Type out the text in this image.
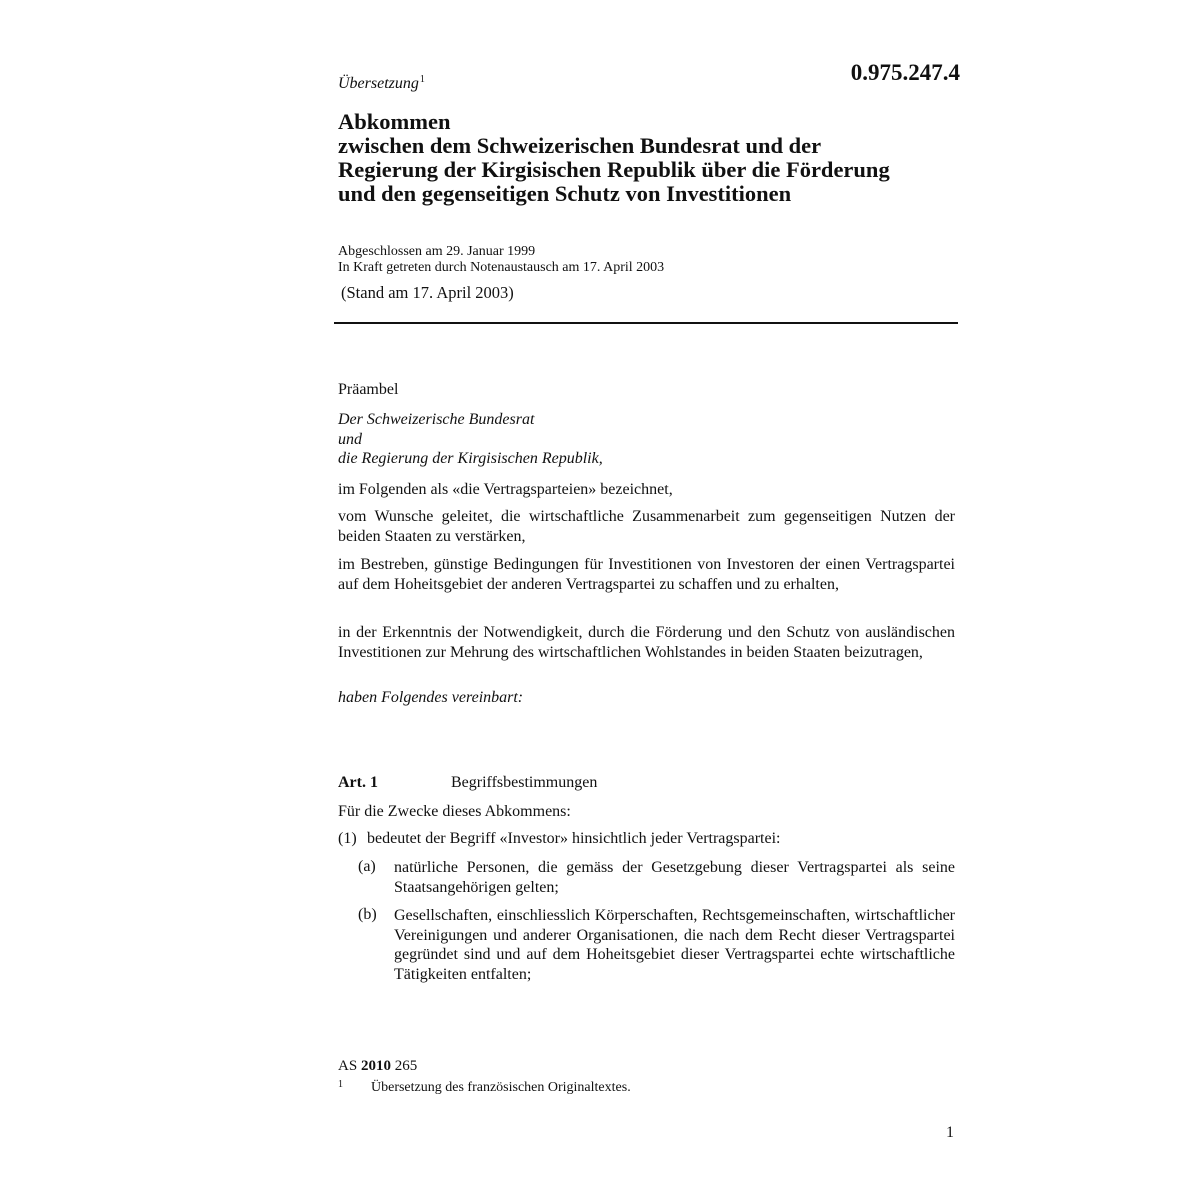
0.975.247.4
Übersetzung$^1$
Abkommen
zwischen dem Schweizerischen Bundesrat und der
Regierung der Kirgisischen Republik über die Förderung
und den gegenseitigen Schutz von Investitionen
Abgeschlossen am 29. Januar 1999
In Kraft getreten durch Notenaustausch am 17. April 2003
(Stand am 17. April 2003)
Präambel
Der Schweizerische Bundesrat
und
die Regierung der Kirgisischen Republik,
im Folgenden als «die Vertragsparteien» bezeichnet,
vom Wunsche geleitet, die wirtschaftliche Zusammenarbeit zum gegenseitigen Nutzen der beiden Staaten zu verstärken,
im Bestreben, günstige Bedingungen für Investitionen von Investoren der einen Vertragspartei auf dem Hoheitsgebiet der anderen Vertragspartei zu schaffen und zu erhalten,
in der Erkenntnis der Notwendigkeit, durch die Förderung und den Schutz von ausländischen Investitionen zur Mehrung des wirtschaftlichen Wohlstandes in beiden Staaten beizutragen,
haben Folgendes vereinbart:
Art. 1	Begriffsbestimmungen
Für die Zwecke dieses Abkommens:
(1) bedeutet der Begriff «Investor» hinsichtlich jeder Vertragspartei:
(a) natürliche Personen, die gemäss der Gesetzgebung dieser Vertragspartei als seine Staatsangehörigen gelten;
(b) Gesellschaften, einschliesslich Körperschaften, Rechtsgemeinschaften, wirtschaftlicher Vereinigungen und anderer Organisationen, die nach dem Recht dieser Vertragspartei gegründet sind und auf dem Hoheitsgebiet dieser Vertragspartei echte wirtschaftliche Tätigkeiten entfalten;
AS 2010 265
1 Übersetzung des französischen Originaltextes.
1
